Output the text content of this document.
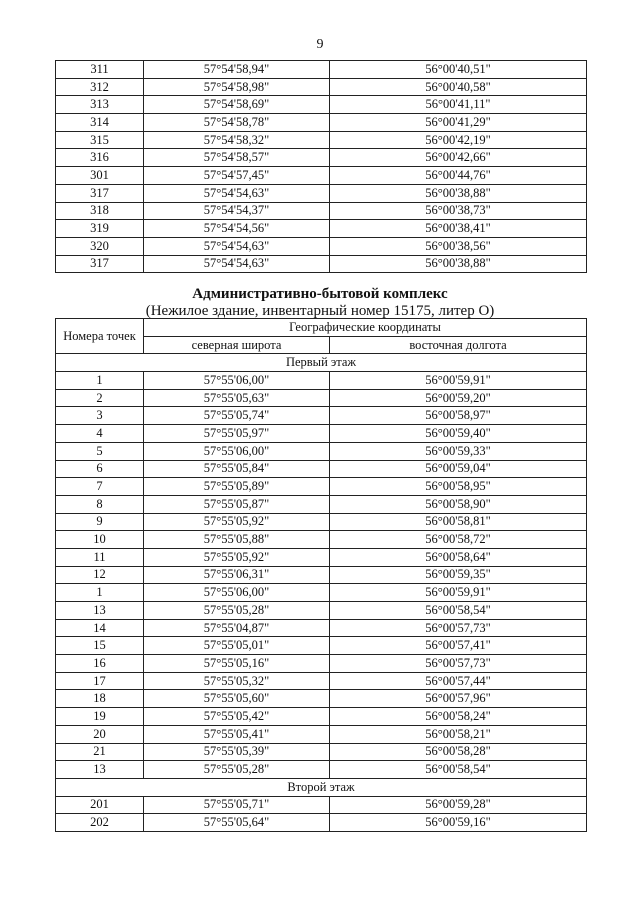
9
311	57°54'58,94"	56°00'40,51"
312	57°54'58,98"	56°00'40,58"
313	57°54'58,69"	56°00'41,11"
314	57°54'58,78"	56°00'41,29"
315	57°54'58,32"	56°00'42,19"
316	57°54'58,57"	56°00'42,66"
301	57°54'57,45"	56°00'44,76"
317	57°54'54,63"	56°00'38,88"
318	57°54'54,37"	56°00'38,73"
319	57°54'54,56"	56°00'38,41"
320	57°54'54,63"	56°00'38,56"
317	57°54'54,63"	56°00'38,88"
Административно-бытовой комплекс
(Нежилое здание, инвентарный номер 15175, литер О)
Номера точек	Географические координаты	
	северная широта	восточная долгота
Первый этаж		
1	57°55'06,00"	56°00'59,91"
2	57°55'05,63"	56°00'59,20"
3	57°55'05,74"	56°00'58,97"
4	57°55'05,97"	56°00'59,40"
5	57°55'06,00"	56°00'59,33"
6	57°55'05,84"	56°00'59,04"
7	57°55'05,89"	56°00'58,95"
8	57°55'05,87"	56°00'58,90"
9	57°55'05,92"	56°00'58,81"
10	57°55'05,88"	56°00'58,72"
11	57°55'05,92"	56°00'58,64"
12	57°55'06,31"	56°00'59,35"
1	57°55'06,00"	56°00'59,91"
13	57°55'05,28"	56°00'58,54"
14	57°55'04,87"	56°00'57,73"
15	57°55'05,01"	56°00'57,41"
16	57°55'05,16"	56°00'57,73"
17	57°55'05,32"	56°00'57,44"
18	57°55'05,60"	56°00'57,96"
19	57°55'05,42"	56°00'58,24"
20	57°55'05,41"	56°00'58,21"
21	57°55'05,39"	56°00'58,28"
13	57°55'05,28"	56°00'58,54"
Второй этаж		
201	57°55'05,71"	56°00'59,28"
202	57°55'05,64"	56°00'59,16"
